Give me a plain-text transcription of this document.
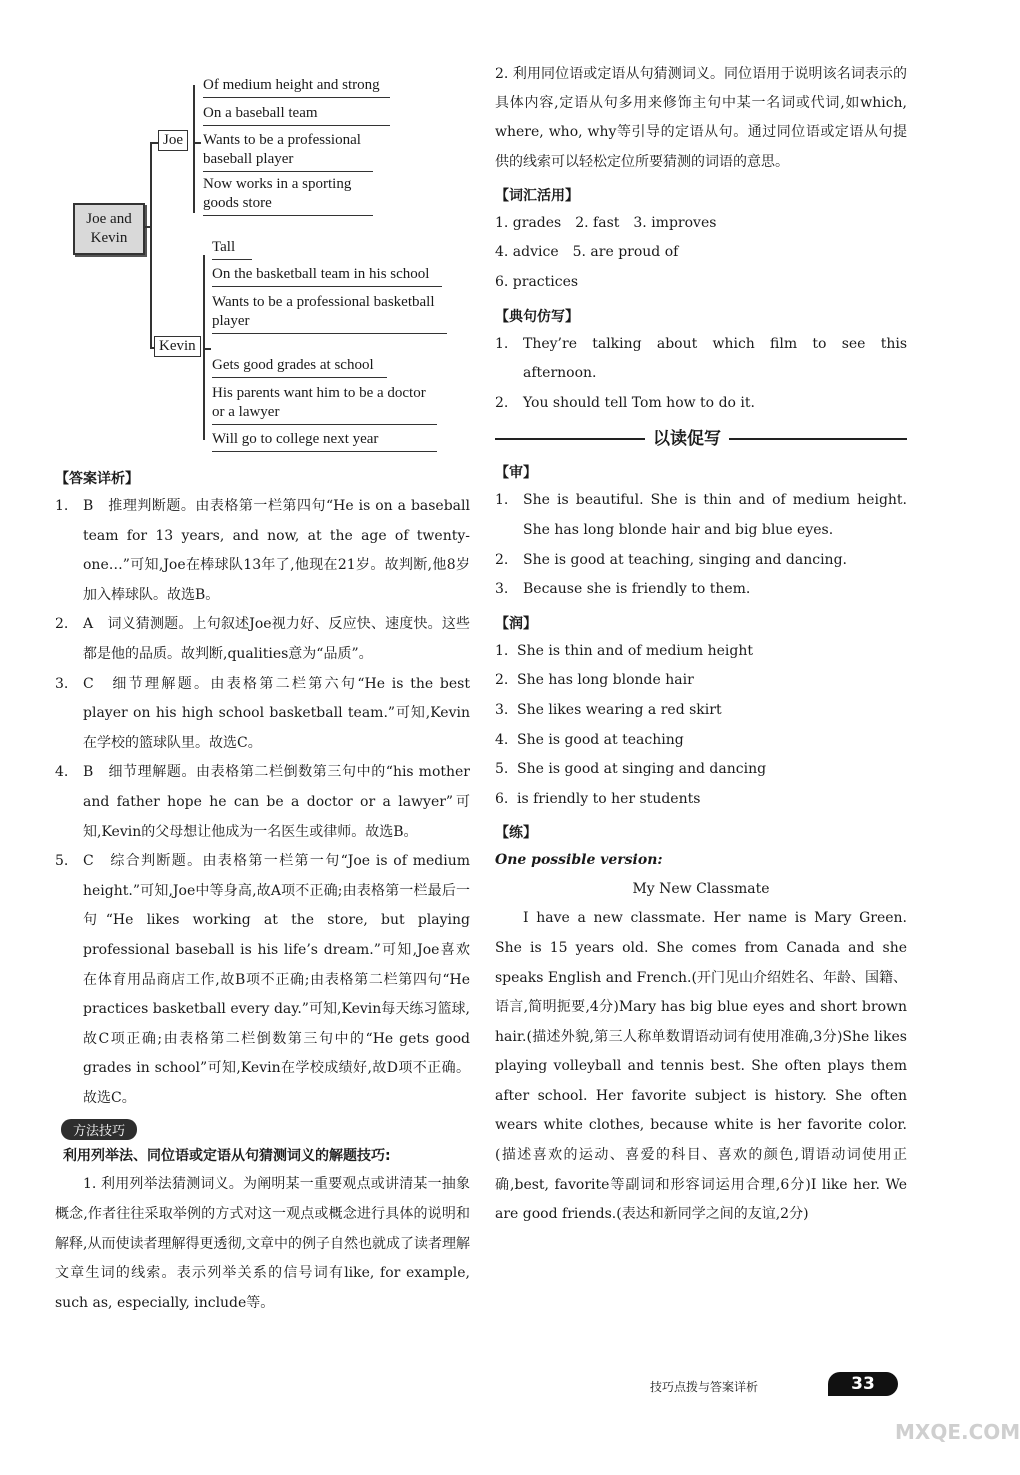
Joe and Kevin
Joe
Of medium height and strong
On a baseball team
Wants to be a professional baseball player
Now works in a sporting goods store
Kevin
Tall
On the basketball team in his school
Wants to be a professional basketball player
Gets good grades at school
His parents want him to be a doctor or a lawyer
Will go to college next year
【答案详析】
1.	B　推理判断题。由表格第一栏第四句“He is on a baseball team for 13 years, and now, at the age of twenty-one…”可知,Joe在棒球队13年了,他现在21岁。故判断,他8岁加入棒球队。故选B。
2.	A　词义猜测题。上句叙述Joe视力好、反应快、速度快。这些都是他的品质。故判断,qualities意为“品质”。
3.	C　细节理解题。由表格第二栏第六句“He is the best player on his high school basketball team.”可知,Kevin在学校的篮球队里。故选C。
4.	B　细节理解题。由表格第二栏倒数第三句中的“his mother and father hope he can be a doctor or a lawyer”可知,Kevin的父母想让他成为一名医生或律师。故选B。
5.	C　综合判断题。由表格第一栏第一句“Joe is of medium height.”可知,Joe中等身高,故A项不正确;由表格第一栏最后一句“He likes working at the store, but playing professional baseball is his life’s dream.”可知,Joe喜欢在体育用品商店工作,故B项不正确;由表格第二栏第四句“He practices basketball every day.”可知,Kevin每天练习篮球,故C项正确;由表格第二栏倒数第三句中的“He gets good grades in school”可知,Kevin在学校成绩好,故D项不正确。故选C。
方法技巧
利用列举法、同位语或定语从句猜测词义的解题技巧:
1. 利用列举法猜测词义。为阐明某一重要观点或讲清某一抽象概念,作者往往采取举例的方式对这一观点或概念进行具体的说明和解释,从而使读者理解得更透彻,文章中的例子自然也就成了读者理解文章生词的线索。表示列举关系的信号词有like, for example, such as, especially, include等。
2. 利用同位语或定语从句猜测词义。同位语用于说明该名词表示的具体内容,定语从句多用来修饰主句中某一名词或代词,如which, where, who, why等引导的定语从句。通过同位语或定语从句提供的线索可以轻松定位所要猜测的词语的意思。
【词汇活用】
1. grades　2. fast　3. improves
4. advice　5. are proud of
6. practices
【典句仿写】
1.	They’re talking about which film to see this afternoon.
2.	You should tell Tom how to do it.
以读促写
【审】
1.	She is beautiful. She is thin and of medium height. She has long blonde hair and big blue eyes.
2.	She is good at teaching, singing and dancing.
3.	Because she is friendly to them.
【润】
1. She is thin and of medium height
2. She has long blonde hair
3. She likes wearing a red skirt
4. She is good at teaching
5. She is good at singing and dancing
6. is friendly to her students
【练】
One possible version:
My New Classmate
I have a new classmate. Her name is Mary Green. She is 15 years old. She comes from Canada and she speaks English and French.(开门见山介绍姓名、年龄、国籍、语言,简明扼要,4分)Mary has big blue eyes and short brown hair.(描述外貌,第三人称单数谓语动词有使用准确,3分)She likes playing volleyball and tennis best. She often plays them after school. Her favorite subject is history. She often wears white clothes, because white is her favorite color.(描述喜欢的运动、喜爱的科目、喜欢的颜色,谓语动词使用正确,best, favorite等副词和形容词运用合理,6分)I like her. We are good friends.(表达和新同学之间的友谊,2分)
技巧点拨与答案详析	33
MXQE.COM
